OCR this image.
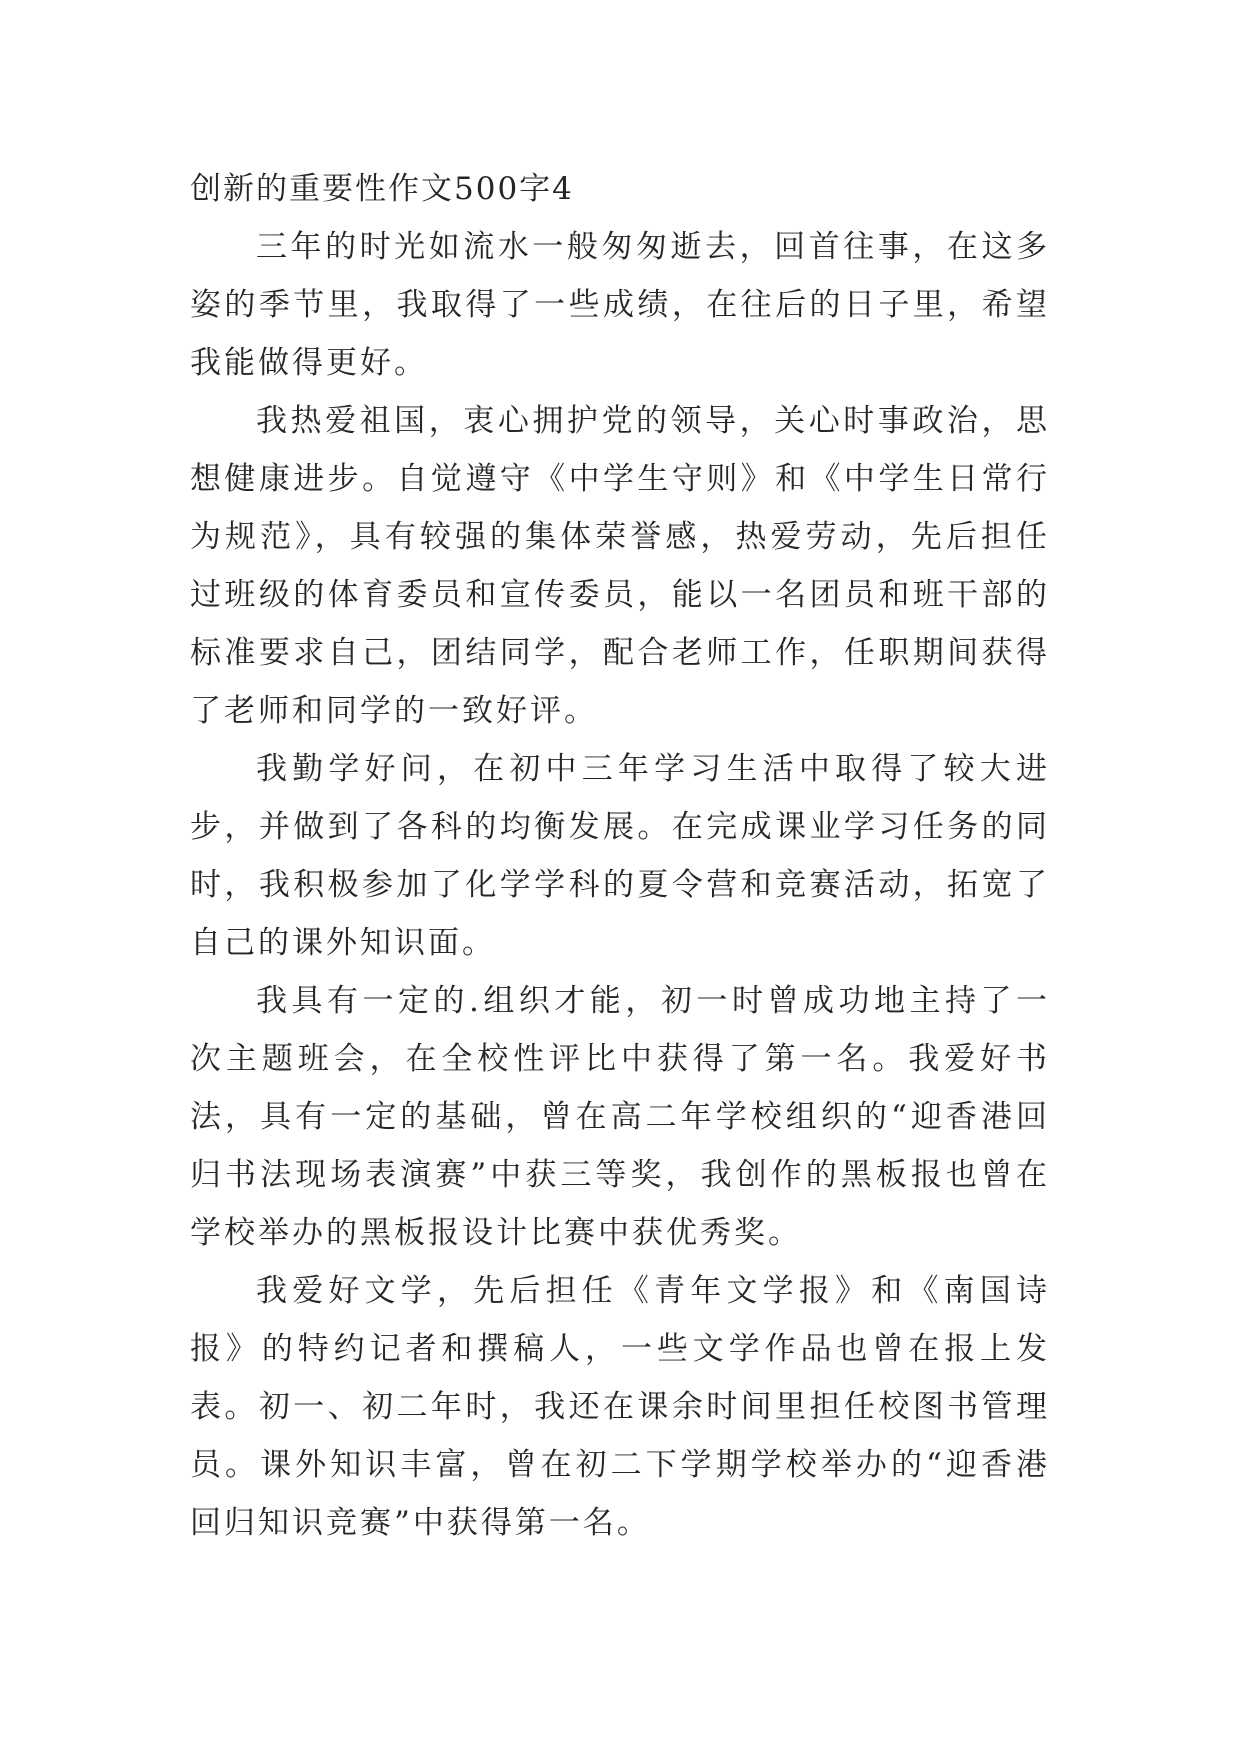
创新的重要性作文500字4

三年的时光如流水一般匆匆逝去，回首往事，在这多姿的季节里，我取得了一些成绩，在往后的日子里，希望我能做得更好。

我热爱祖国，衷心拥护党的领导，关心时事政治，思想健康进步。自觉遵守《中学生守则》和《中学生日常行为规范》，具有较强的集体荣誉感，热爱劳动，先后担任过班级的体育委员和宣传委员，能以一名团员和班干部的标准要求自己，团结同学，配合老师工作，任职期间获得了老师和同学的一致好评。

我勤学好问，在初中三年学习生活中取得了较大进步，并做到了各科的均衡发展。在完成课业学习任务的同时，我积极参加了化学学科的夏令营和竞赛活动，拓宽了自己的课外知识面。

我具有一定的.组织才能，初一时曾成功地主持了一次主题班会，在全校性评比中获得了第一名。我爱好书法，具有一定的基础，曾在高二年学校组织的“迎香港回归书法现场表演赛”中获三等奖，我创作的黑板报也曾在学校举办的黑板报设计比赛中获优秀奖。

我爱好文学，先后担任《青年文学报》和《南国诗报》的特约记者和撰稿人，一些文学作品也曾在报上发表。初一、初二年时，我还在课余时间里担任校图书管理员。课外知识丰富，曾在初二下学期学校举办的“迎香港回归知识竞赛”中获得第一名。
